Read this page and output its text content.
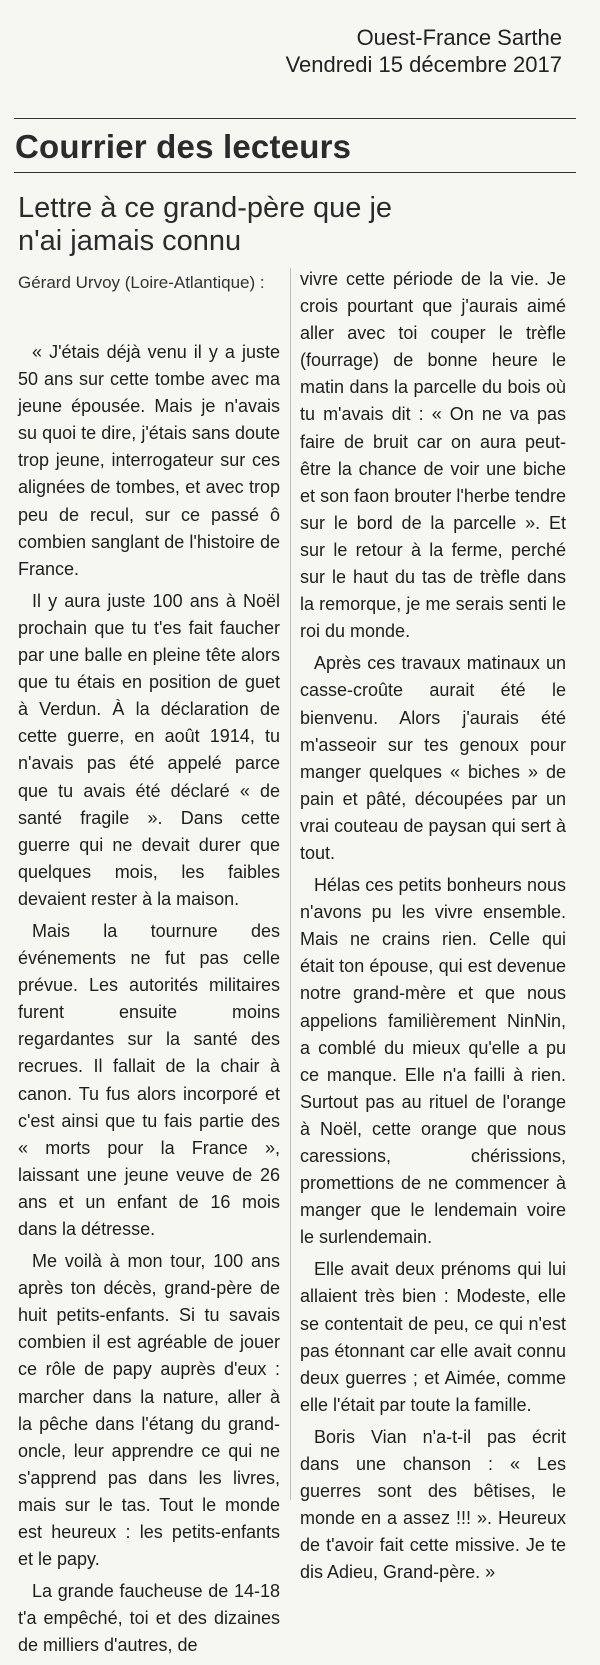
Ouest-France Sarthe
Vendredi 15 décembre 2017
Courrier des lecteurs
Lettre à ce grand-père que je n'ai jamais connu
Gérard Urvoy (Loire-Atlantique) :

« J'étais déjà venu il y a juste 50 ans sur cette tombe avec ma jeune épousée. Mais je n'avais su quoi te dire, j'étais sans doute trop jeune, interrogateur sur ces alignées de tombes, et avec trop peu de recul, sur ce passé ô combien sanglant de l'histoire de France.

Il y aura juste 100 ans à Noël prochain que tu t'es fait faucher par une balle en pleine tête alors que tu étais en position de guet à Verdun. À la déclaration de cette guerre, en août 1914, tu n'avais pas été appelé parce que tu avais été déclaré « de santé fragile ». Dans cette guerre qui ne devait durer que quelques mois, les faibles devaient rester à la maison.

Mais la tournure des événements ne fut pas celle prévue. Les autorités militaires furent ensuite moins regardantes sur la santé des recrues. Il fallait de la chair à canon. Tu fus alors incorporé et c'est ainsi que tu fais partie des « morts pour la France », laissant une jeune veuve de 26 ans et un enfant de 16 mois dans la détresse.

Me voilà à mon tour, 100 ans après ton décès, grand-père de huit petits-enfants. Si tu savais combien il est agréable de jouer ce rôle de papy auprès d'eux : marcher dans la nature, aller à la pêche dans l'étang du grand-oncle, leur apprendre ce qui ne s'apprend pas dans les livres, mais sur le tas. Tout le monde est heureux : les petits-enfants et le papy.

La grande faucheuse de 14-18 t'a empêché, toi et des dizaines de milliers d'autres, de

vivre cette période de la vie. Je crois pourtant que j'aurais aimé aller avec toi couper le trèfle (fourrage) de bonne heure le matin dans la parcelle du bois où tu m'avais dit : « On ne va pas faire de bruit car on aura peut-être la chance de voir une biche et son faon brouter l'herbe tendre sur le bord de la parcelle ». Et sur le retour à la ferme, perché sur le haut du tas de trèfle dans la remorque, je me serais senti le roi du monde.

Après ces travaux matinaux un casse-croûte aurait été le bienvenu. Alors j'aurais été m'asseoir sur tes genoux pour manger quelques « biches » de pain et pâté, découpées par un vrai couteau de paysan qui sert à tout.

Hélas ces petits bonheurs nous n'avons pu les vivre ensemble. Mais ne crains rien. Celle qui était ton épouse, qui est devenue notre grand-mère et que nous appelions familièrement NinNin, a comblé du mieux qu'elle a pu ce manque. Elle n'a failli à rien. Surtout pas au rituel de l'orange à Noël, cette orange que nous caressions, chérissions, promettions de ne commencer à manger que le lendemain voire le surlendemain.

Elle avait deux prénoms qui lui allaient très bien : Modeste, elle se contentait de peu, ce qui n'est pas étonnant car elle avait connu deux guerres ; et Aimée, comme elle l'était par toute la famille.

Boris Vian n'a-t-il pas écrit dans une chanson : « Les guerres sont des bêtises, le monde en a assez !!! ». Heureux de t'avoir fait cette missive. Je te dis Adieu, Grand-père. »
